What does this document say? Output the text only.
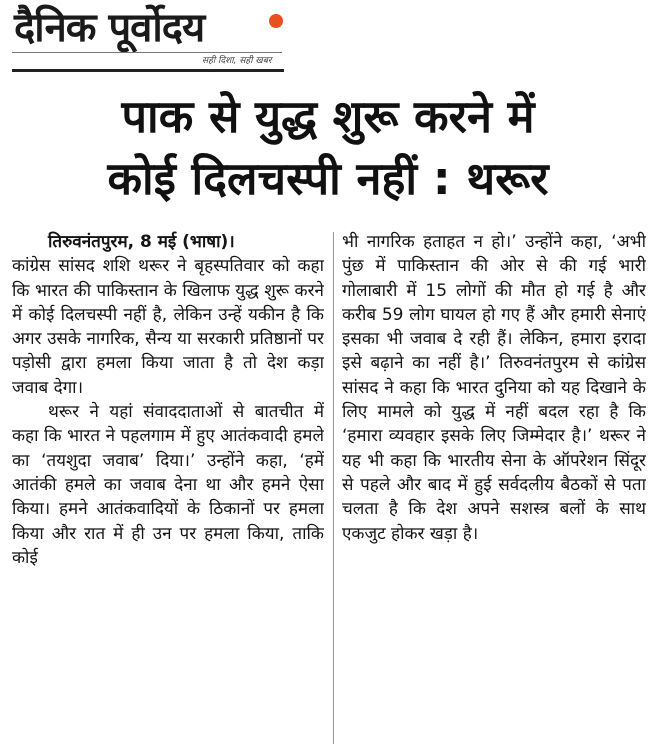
दैनिक पूर्वोदय
सही दिशा, सही खबर
पाक से युद्ध शुरू करने में
कोई दिलचस्पी नहीं : थरूर

तिरुवनंतपुरम, 8 मई (भाषा)।

कांग्रेस सांसद शशि थरूर ने बृहस्पतिवार को कहा कि भारत की पाकिस्तान के खिलाफ युद्ध शुरू करने में कोई दिलचस्पी नहीं है, लेकिन उन्हें यकीन है कि अगर उसके नागरिक, सैन्य या सरकारी प्रतिष्ठानों पर पड़ोसी द्वारा हमला किया जाता है तो देश कड़ा जवाब देगा।

थरूर ने यहां संवाददाताओं से बातचीत में कहा कि भारत ने पहलगाम में हुए आतंकवादी हमले का ‘तयशुदा जवाब’ दिया।’ उन्होंने कहा, ‘हमें आतंकी हमले का जवाब देना था और हमने ऐसा किया। हमने आतंकवादियों के ठिकानों पर हमला किया और रात में ही उन पर हमला किया, ताकि कोई

भी नागरिक हताहत न हो।’ उन्होंने कहा, ‘अभी पुंछ में पाकिस्तान की ओर से की गई भारी गोलाबारी में 15 लोगों की मौत हो गई है और करीब 59 लोग घायल हो गए हैं और हमारी सेनाएं इसका भी जवाब दे रही हैं। लेकिन, हमारा इरादा इसे बढ़ाने का नहीं है।’ तिरुवनंतपुरम से कांग्रेस सांसद ने कहा कि भारत दुनिया को यह दिखाने के लिए मामले को युद्ध में नहीं बदल रहा है कि ‘हमारा व्यवहार इसके लिए जिम्मेदार है।’ थरूर ने यह भी कहा कि भारतीय सेना के ऑपरेशन सिंदूर से पहले और बाद में हुई सर्वदलीय बैठकों से पता चलता है कि देश अपने सशस्त्र बलों के साथ एकजुट होकर खड़ा है।
